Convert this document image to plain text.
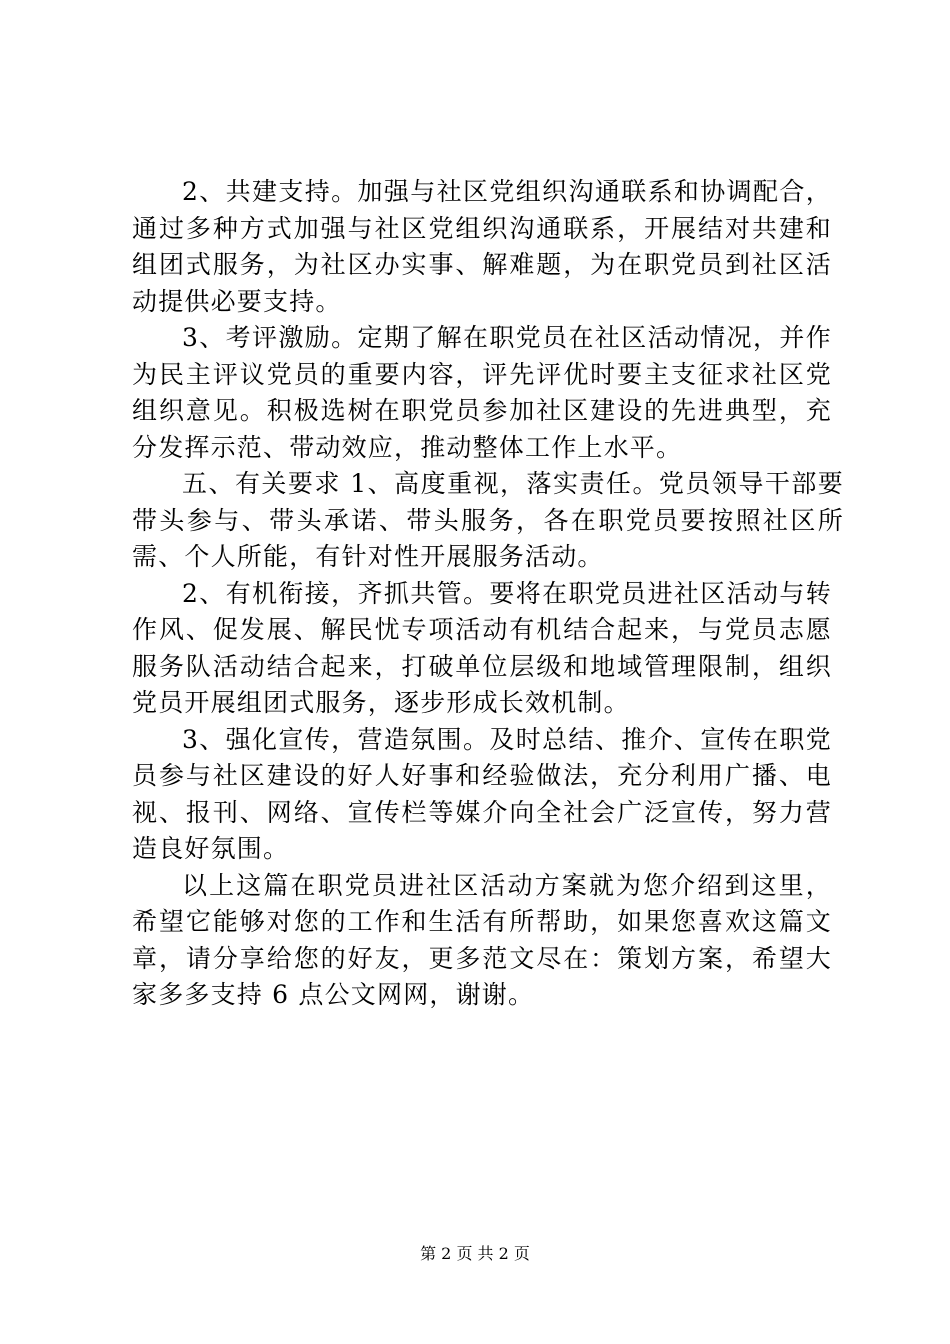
2、共建支持。加强与社区党组织沟通联系和协调配合，通过多种方式加强与社区党组织沟通联系，开展结对共建和组团式服务，为社区办实事、解难题，为在职党员到社区活动提供必要支持。

3、考评激励。定期了解在职党员在社区活动情况，并作为民主评议党员的重要内容，评先评优时要主支征求社区党组织意见。积极选树在职党员参加社区建设的先进典型，充分发挥示范、带动效应，推动整体工作上水平。

五、有关要求 1、高度重视，落实责任。党员领导干部要带头参与、带头承诺、带头服务，各在职党员要按照社区所需、个人所能，有针对性开展服务活动。

2、有机衔接，齐抓共管。要将在职党员进社区活动与转作风、促发展、解民忧专项活动有机结合起来，与党员志愿服务队活动结合起来，打破单位层级和地域管理限制，组织党员开展组团式服务，逐步形成长效机制。

3、强化宣传，营造氛围。及时总结、推介、宣传在职党员参与社区建设的好人好事和经验做法，充分利用广播、电视、报刊、网络、宣传栏等媒介向全社会广泛宣传，努力营造良好氛围。

以上这篇在职党员进社区活动方案就为您介绍到这里，希望它能够对您的工作和生活有所帮助，如果您喜欢这篇文章，请分享给您的好友，更多范文尽在：策划方案，希望大家多多支持 6 点公文网网，谢谢。

第 2 页 共 2 页
